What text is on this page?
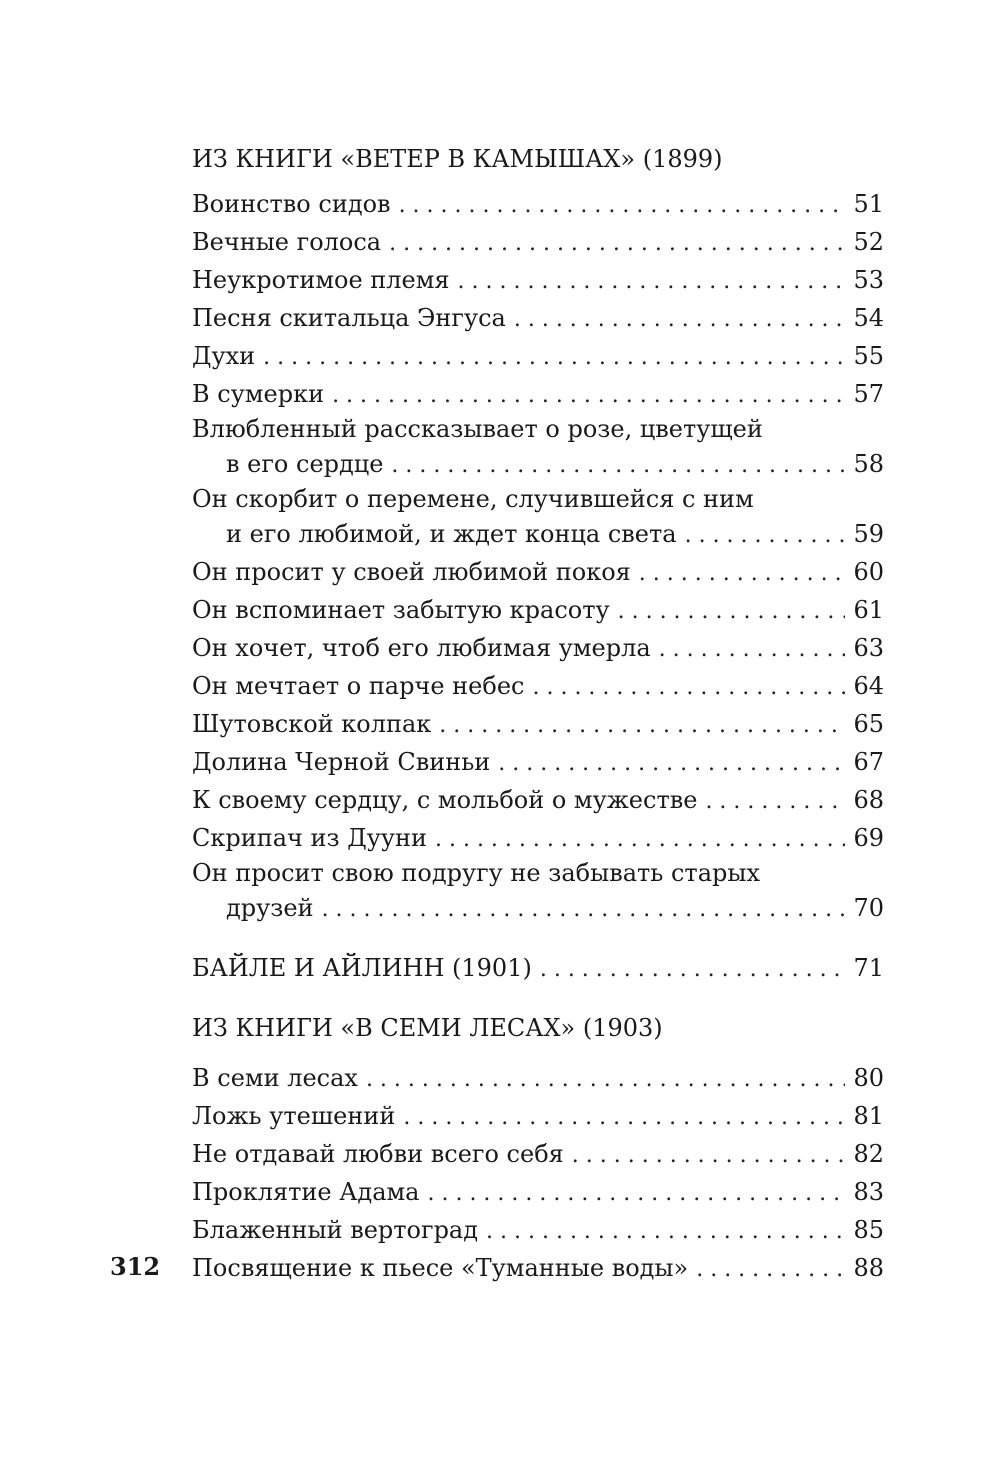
ИЗ КНИГИ «ВЕТЕР В КАМЫШАХ» (1899)
Воинство сидов . . .	51
Вечные голоса . . .	52
Неукротимое племя . . .	53
Песня скитальца Энгуса . . .	54
Духи . . .	55
В сумерки . . .	57
Влюбленный рассказывает о розе, цветущей
в его сердце . . .	58
Он скорбит о перемене, случившейся с ним
и его любимой, и ждет конца света . . .	59
Он просит у своей любимой покоя . . .	60
Он вспоминает забытую красоту . . .	61
Он хочет, чтоб его любимая умерла . . .	63
Он мечтает о парче небес . . .	64
Шутовской колпак . . .	65
Долина Черной Свиньи . . .	67
К своему сердцу, с мольбой о мужестве . . .	68
Скрипач из Дууни . . .	69
Он просит свою подругу не забывать старых
друзей . . .	70
БАЙЛЕ И АЙЛИНН (1901) . . .	71
ИЗ КНИГИ «В СЕМИ ЛЕСАХ» (1903)
В семи лесах . . .	80
Ложь утешений . . .	81
Не отдавай любви всего себя . . .	82
Проклятие Адама . . .	83
Блаженный вертоград . . .	85
Посвящение к пьесе «Туманные воды» . . .	88
312
